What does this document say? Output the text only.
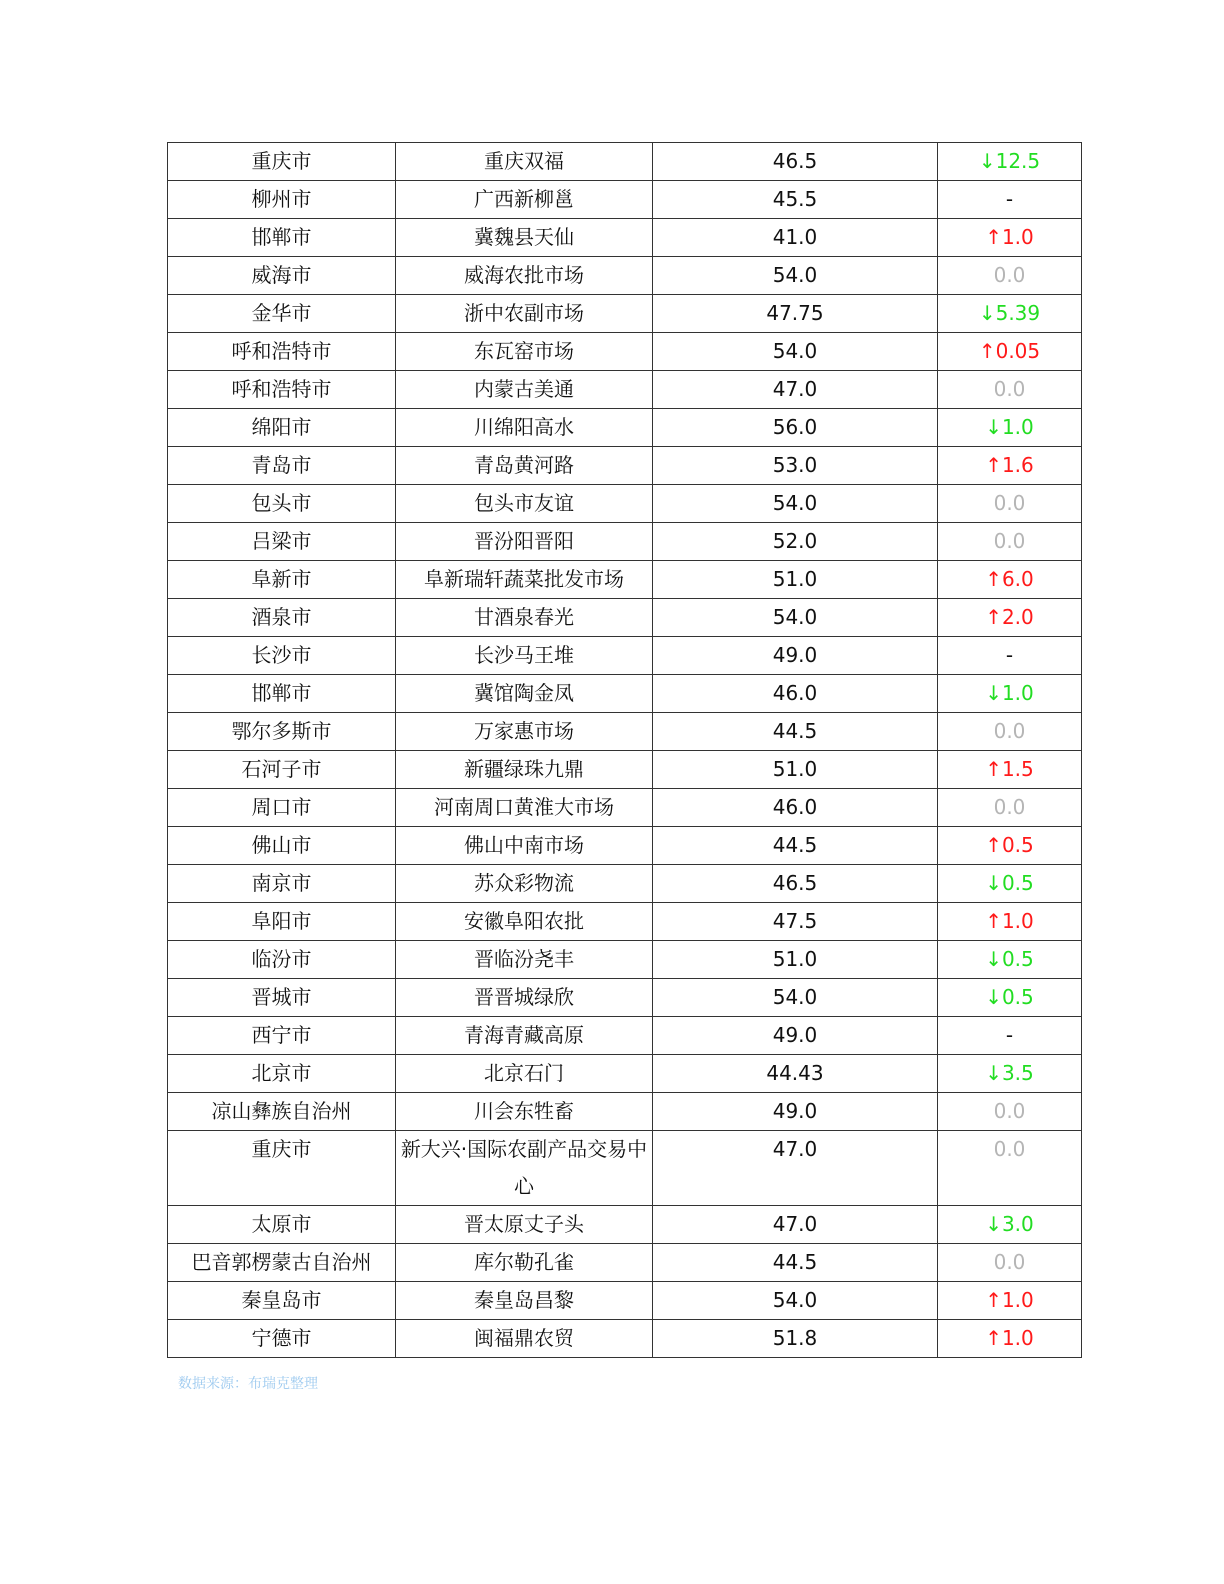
重庆市	重庆双福	46.5	↓12.5
柳州市	广西新柳邕	45.5	-
邯郸市	冀魏县天仙	41.0	↑1.0
威海市	威海农批市场	54.0	0.0
金华市	浙中农副市场	47.75	↓5.39
呼和浩特市	东瓦窑市场	54.0	↑0.05
呼和浩特市	内蒙古美通	47.0	0.0
绵阳市	川绵阳高水	56.0	↓1.0
青岛市	青岛黄河路	53.0	↑1.6
包头市	包头市友谊	54.0	0.0
吕梁市	晋汾阳晋阳	52.0	0.0
阜新市	阜新瑞轩蔬菜批发市场	51.0	↑6.0
酒泉市	甘酒泉春光	54.0	↑2.0
长沙市	长沙马王堆	49.0	-
邯郸市	冀馆陶金凤	46.0	↓1.0
鄂尔多斯市	万家惠市场	44.5	0.0
石河子市	新疆绿珠九鼎	51.0	↑1.5
周口市	河南周口黄淮大市场	46.0	0.0
佛山市	佛山中南市场	44.5	↑0.5
南京市	苏众彩物流	46.5	↓0.5
阜阳市	安徽阜阳农批	47.5	↑1.0
临汾市	晋临汾尧丰	51.0	↓0.5
晋城市	晋晋城绿欣	54.0	↓0.5
西宁市	青海青藏高原	49.0	-
北京市	北京石门	44.43	↓3.5
凉山彝族自治州	川会东牲畜	49.0	0.0
重庆市	新大兴·国际农副产品交易中心	47.0	0.0
太原市	晋太原丈子头	47.0	↓3.0
巴音郭楞蒙古自治州	库尔勒孔雀	44.5	0.0
秦皇岛市	秦皇岛昌黎	54.0	↑1.0
宁德市	闽福鼎农贸	51.8	↑1.0
数据来源：布瑞克整理
